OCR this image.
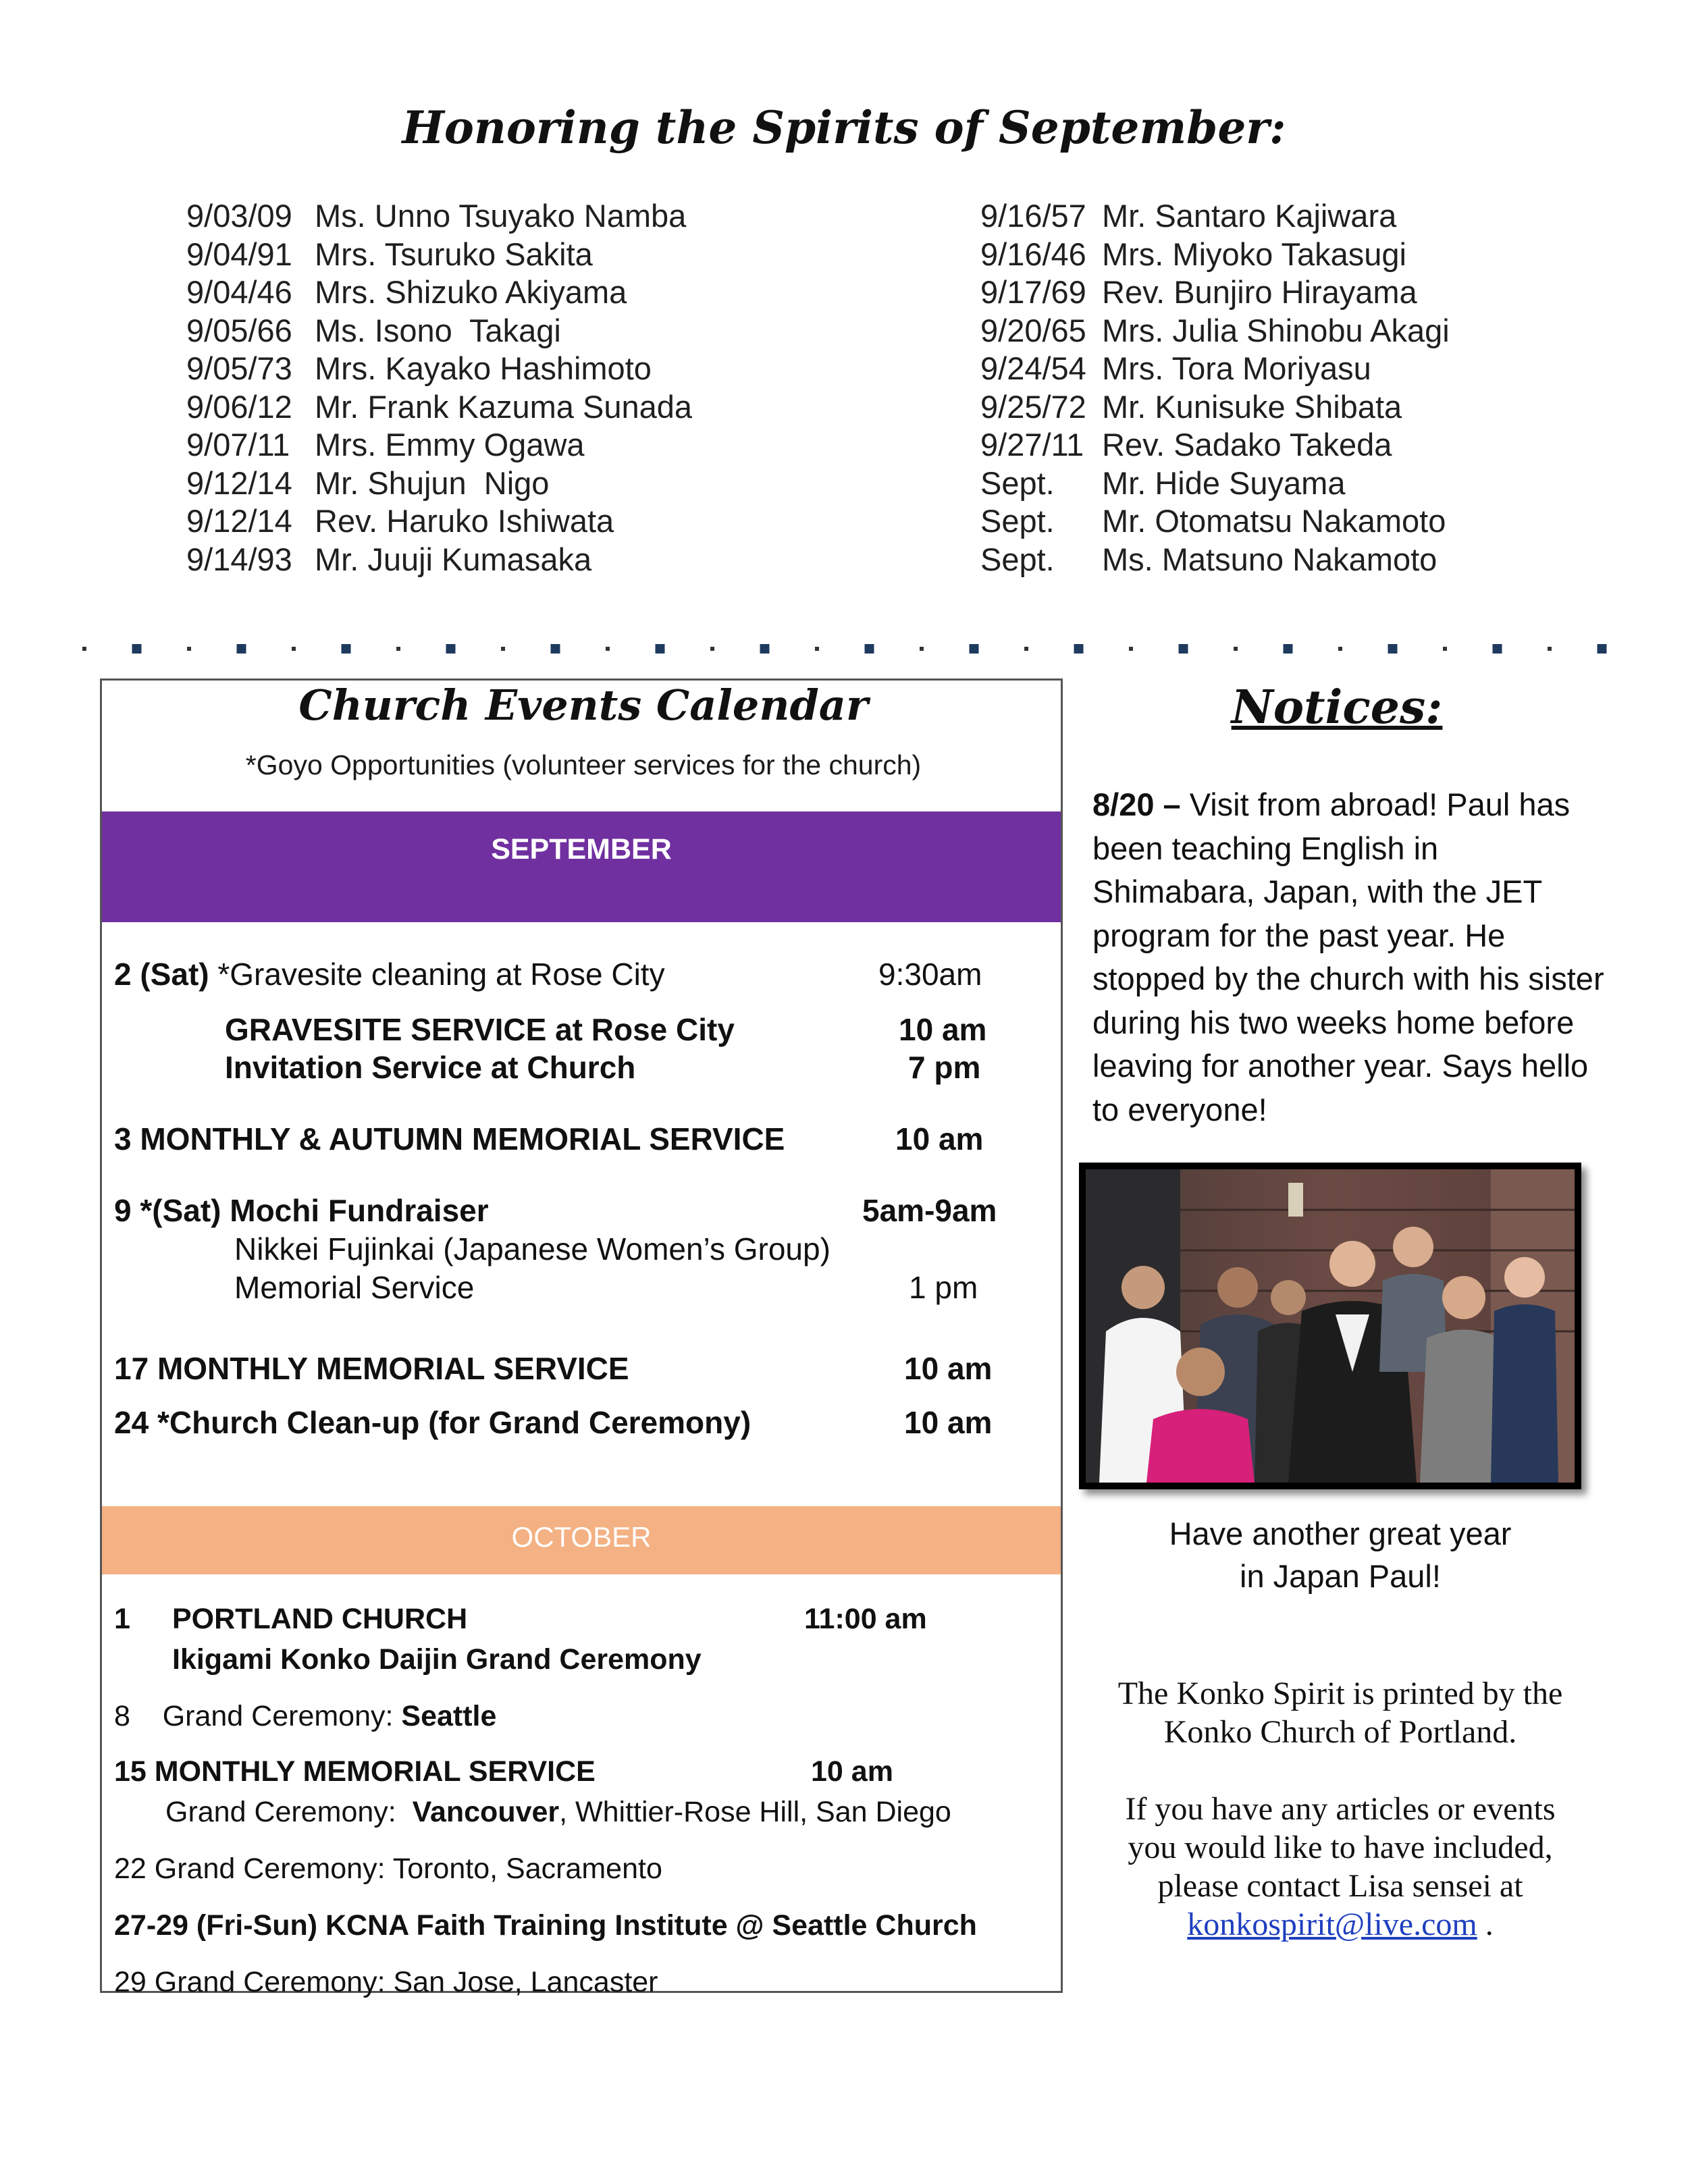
Honoring the Spirits of September:
9/03/09 Ms. Unno Tsuyako Namba
9/04/91 Mrs. Tsuruko Sakita
9/04/46 Mrs. Shizuko Akiyama
9/05/66 Ms. Isono  Takagi
9/05/73 Mrs. Kayako Hashimoto
9/06/12 Mr. Frank Kazuma Sunada
9/07/11 Mrs. Emmy Ogawa
9/12/14 Mr. Shujun  Nigo
9/12/14 Rev. Haruko Ishiwata
9/14/93 Mr. Juuji Kumasaka
9/16/57 Mr. Santaro Kajiwara
9/16/46 Mrs. Miyoko Takasugi
9/17/69 Rev. Bunjiro Hirayama
9/20/65 Mrs. Julia Shinobu Akagi
9/24/54 Mrs. Tora Moriyasu
9/25/72 Mr. Kunisuke Shibata
9/27/11 Rev. Sadako Takeda
Sept.	Mr. Hide Suyama
Sept.	Mr. Otomatsu Nakamoto
Sept.	Ms. Matsuno Nakamoto
Church Events Calendar
*Goyo Opportunities (volunteer services for the church)
SEPTEMBER
2 (Sat) *Gravesite cleaning at Rose City	9:30am
GRAVESITE SERVICE at Rose City	10 am
Invitation Service at Church	7 pm
3 MONTHLY & AUTUMN MEMORIAL SERVICE	10 am
9 *(Sat) Mochi Fundraiser	5am-9am
Nikkei Fujinkai (Japanese Women’s Group)
Memorial Service	1 pm
17 MONTHLY MEMORIAL SERVICE	10 am
24 *Church Clean-up (for Grand Ceremony)	10 am
OCTOBER
1 PORTLAND CHURCH	11:00 am
Ikigami Konko Daijin Grand Ceremony
8    Grand Ceremony: Seattle
15 MONTHLY MEMORIAL SERVICE	10 am
Grand Ceremony:  Vancouver, Whittier-Rose Hill, San Diego
22 Grand Ceremony: Toronto, Sacramento
27-29 (Fri-Sun) KCNA Faith Training Institute @ Seattle Church
29 Grand Ceremony: San Jose, Lancaster
Notices:
8/20 – Visit from abroad! Paul has been teaching English in Shimabara, Japan, with the JET program for the past year. He stopped by the church with his sister during his two weeks home before leaving for another year. Says hello to everyone!
Have another great year
in Japan Paul!
The Konko Spirit is printed by the
Konko Church of Portland.
If you have any articles or events
you would like to have included,
please contact Lisa sensei at
konkospirit@live.com .
